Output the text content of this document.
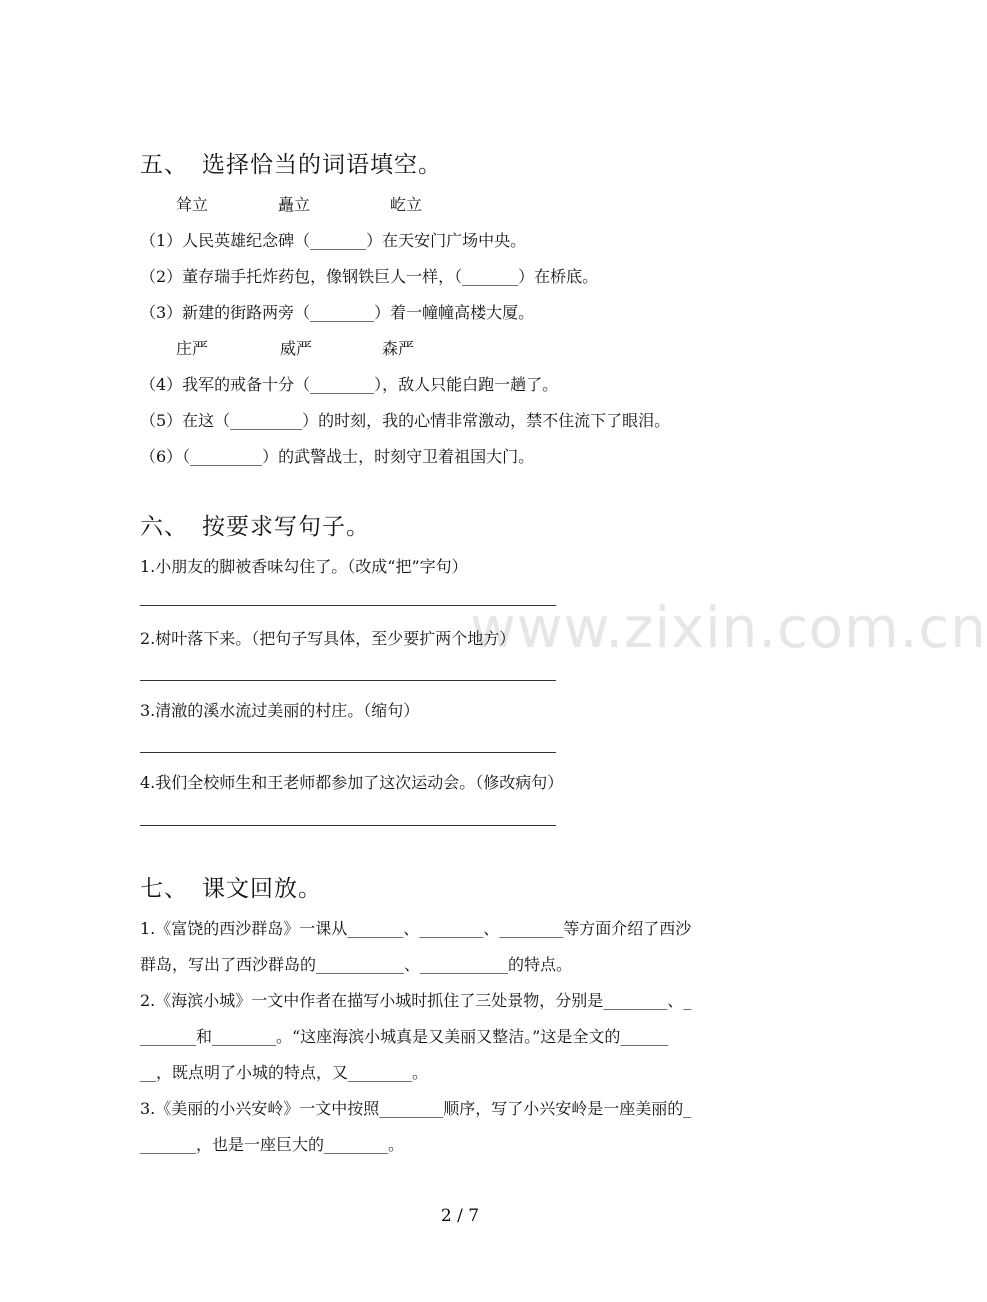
www.zixin.com.cn
五、 选择恰当的词语填空。
耸立	矗立	屹立
（1）人民英雄纪念碑（_______）在天安门广场中央。
（2）董存瑞手托炸药包，像钢铁巨人一样，（_______）在桥底。
（3）新建的街路两旁（________）着一幢幢高楼大厦。
庄严	威严	森严
（4）我军的戒备十分（________），敌人只能白跑一趟了。
（5）在这（_________）的时刻，我的心情非常激动，禁不住流下了眼泪。
（6）（_________）的武警战士，时刻守卫着祖国大门。
六、 按要求写句子。
1.小朋友的脚被香味勾住了。（改成“把”字句）
2.树叶落下来。（把句子写具体，至少要扩两个地方）
3.清澈的溪水流过美丽的村庄。（缩句）
4.我们全校师生和王老师都参加了这次运动会。（修改病句）
七、 课文回放。
1.《富饶的西沙群岛》一课从_______、________、________等方面介绍了西沙
群岛，写出了西沙群岛的___________、___________的特点。
2.《海滨小城》一文中作者在描写小城时抓住了三处景物，分别是________、_
_______和________。“这座海滨小城真是又美丽又整洁。”这是全文的______
__，既点明了小城的特点，又________。
3.《美丽的小兴安岭》一文中按照________顺序，写了小兴安岭是一座美丽的_
_______，也是一座巨大的________。
2 / 7
